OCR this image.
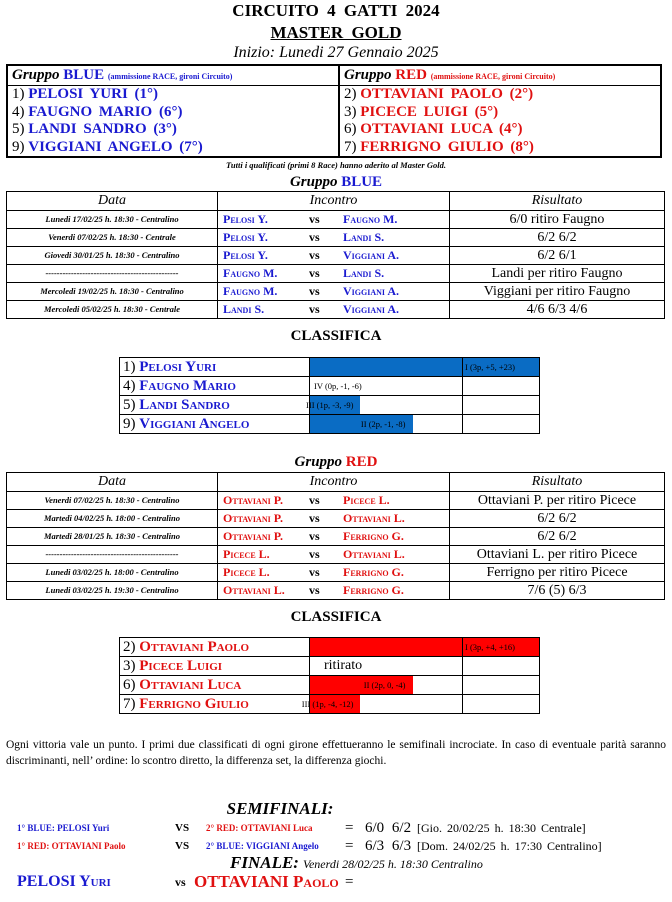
CIRCUITO 4 GATTI 2024
MASTER GOLD
Inizio: Lunedi 27 Gennaio 2025
Gruppo BLUE (ammissione RACE, gironi Circuito)
1) PELOSI YURI (1°)
4) FAUGNO MARIO (6°)
5) LANDI SANDRO (3°)
9) VIGGIANI ANGELO (7°)
Gruppo RED (ammissione RACE, gironi Circuito)
2) OTTAVIANI PAOLO (2°)
3) PICECE LUIGI (5°)
6) OTTAVIANI LUCA (4°)
7) FERRIGNO GIULIO (8°)
Tutti i qualificati (primi 8 Race) hanno aderito al Master Gold.
Gruppo BLUE
Data	Incontro	Risultato
Lunedi 17/02/25 h. 18:30 - Centralino	Pelosi Y. vs Faugno M.	6/0 ritiro Faugno
Venerdi 07/02/25 h. 18:30 - Centrale	Pelosi Y. vs Landi S.	6/2 6/2
Giovedi 30/01/25 h. 18:30 - Centralino	Pelosi Y. vs Viggiani A.	6/2 6/1
-----------------------------------------------	Faugno M. vs Landi S.	Landi per ritiro Faugno
Mercoledi 19/02/25 h. 18:30 - Centralino	Faugno M. vs Viggiani A.	Viggiani per ritiro Faugno
Mercoledi 05/02/25 h. 18:30 - Centrale	Landi S. vs Viggiani A.	4/6 6/3 4/6
CLASSIFICA
1) Pelosi Yuri		I (3p, +5, +23)

4) Faugno Mario	IV (0p, -1, -6)	

5) Landi Sandro	III (1p, -3, -9)	

9) Viggiani Angelo	II (2p, -1, -8)	

Gruppo RED
Data	Incontro	Risultato
Venerdi 07/02/25 h. 18:30 - Centralino	Ottaviani P. vs Picece L.	Ottaviani P. per ritiro Picece
Martedi 04/02/25 h. 18:00 - Centralino	Ottaviani P. vs Ottaviani L.	6/2 6/2
Martedi 28/01/25 h. 18:30 - Centralino	Ottaviani P. vs Ferrigno G.	6/2 6/2
-----------------------------------------------	Picece L. vs Ottaviani L.	Ottaviani L. per ritiro Picece
Lunedi 03/02/25 h. 18:00 - Centralino	Picece L. vs Ferrigno G.	Ferrigno per ritiro Picece
Lunedi 03/02/25 h. 19:30 - Centralino	Ottaviani L. vs Ferrigno G.	7/6 (5) 6/3
CLASSIFICA
2) Ottaviani Paolo		I (3p, +4, +16)

3) Picece Luigi	ritirato	

6) Ottaviani Luca	II (2p, 0, -4)	

7) Ferrigno Giulio	III (1p, -4, -12)	

Ogni vittoria vale un punto. I primi due classificati di ogni girone effettueranno le semifinali incrociate. In caso di eventuale parità saranno discriminanti, nell’ ordine: lo scontro diretto, la differenza set, la differenza giochi.
SEMIFINALI:
1° BLUE: PELOSI Yuri	VS 2° RED: OTTAVIANI Luca = 6/0 6/2 [Gio. 20/02/25 h. 18:30 Centrale]
1° RED: OTTAVIANI Paolo	VS 2° BLUE: VIGGIANI Angelo = 6/3 6/3 [Dom. 24/02/25 h. 17:30 Centralino]
FINALE: Venerdi 28/02/25 h. 18:30 Centralino
PELOSI Yuri	vs OTTAVIANI Paolo =
